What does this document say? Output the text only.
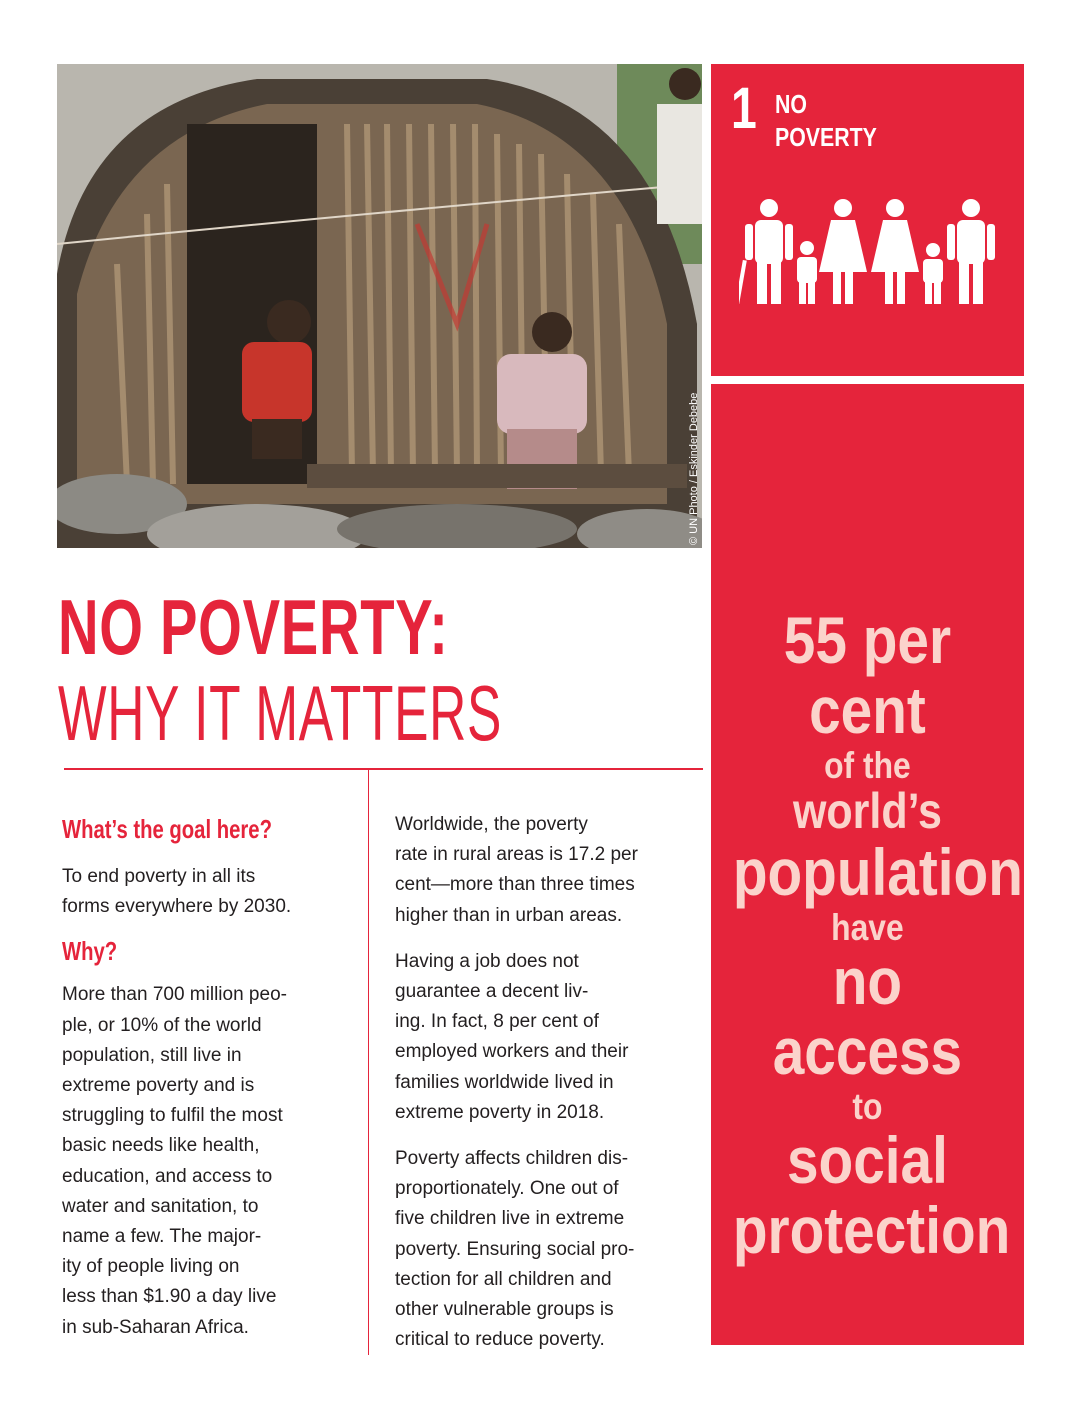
© UN Photo / Eskinder Debebe
1 NO
POVERTY
55 per cent
of the
world’s
population
have
no access
to
social
protection
NO POVERTY:
WHY IT MATTERS
What’s the goal here?

To end poverty in all its
forms everywhere by 2030.

Why?

More than 700 million peo-
ple, or 10% of the world
population, still live in
extreme poverty and is
struggling to fulfil the most
basic needs like health,
education, and access to
water and sanitation, to
name a few. The major-
ity of people living on
less than $1.90 a day live
in sub-Saharan Africa.

Worldwide, the poverty
rate in rural areas is 17.2 per
cent—more than three times
higher than in urban areas.

Having a job does not
guarantee a decent liv-
ing. In fact, 8 per cent of
employed workers and their
families worldwide lived in
extreme poverty in 2018.

Poverty affects children dis-
proportionately. One out of
five children live in extreme
poverty. Ensuring social pro-
tection for all children and
other vulnerable groups is
critical to reduce poverty.
